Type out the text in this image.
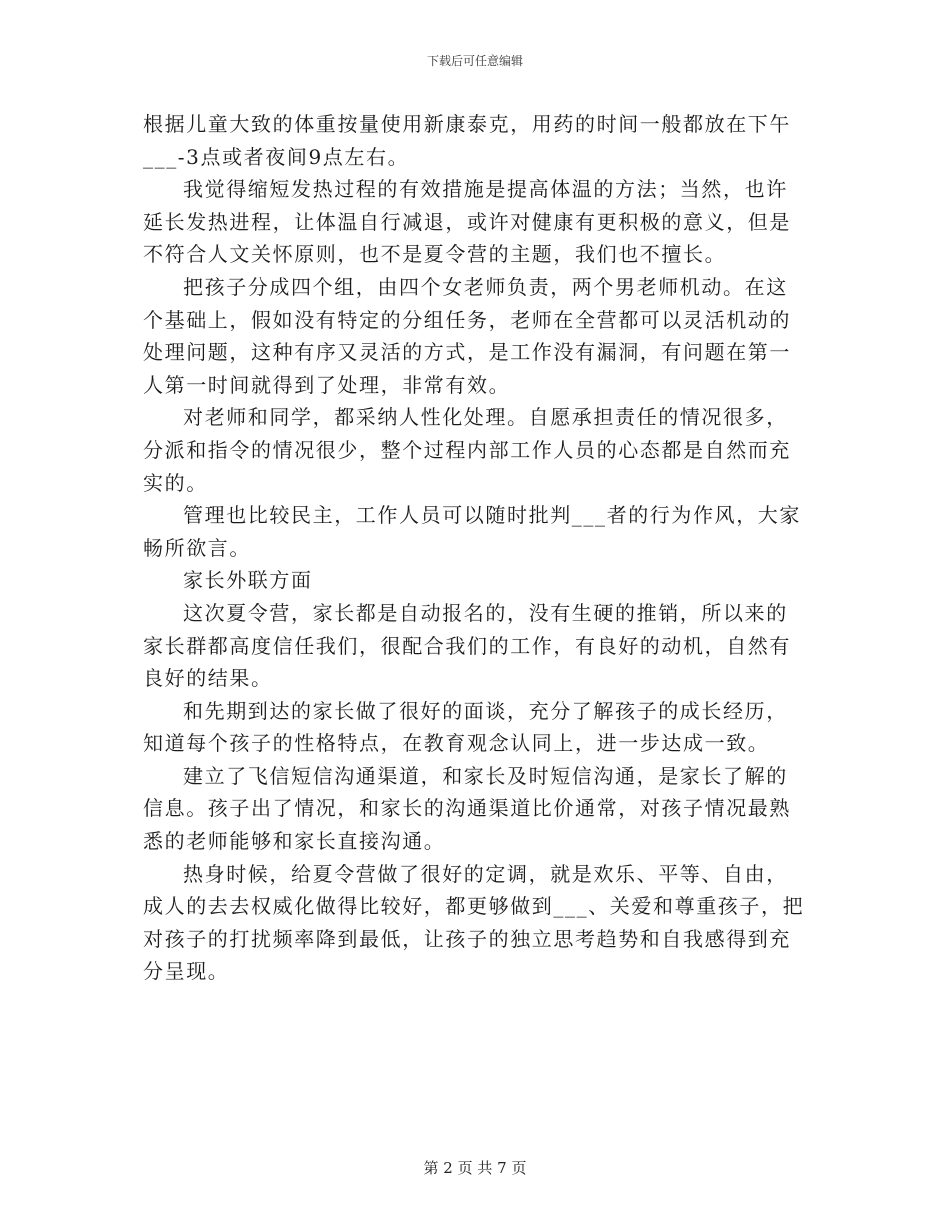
下载后可任意编辑

根据儿童大致的体重按量使用新康泰克，用药的时间一般都放在下午___-3点或者夜间9点左右。

我觉得缩短发热过程的有效措施是提高体温的方法；当然，也许延长发热进程，让体温自行减退，或许对健康有更积极的意义，但是不符合人文关怀原则，也不是夏令营的主题，我们也不擅长。

把孩子分成四个组，由四个女老师负责，两个男老师机动。在这个基础上，假如没有特定的分组任务，老师在全营都可以灵活机动的处理问题，这种有序又灵活的方式，是工作没有漏洞，有问题在第一人第一时间就得到了处理，非常有效。

对老师和同学，都采纳人性化处理。自愿承担责任的情况很多，分派和指令的情况很少，整个过程内部工作人员的心态都是自然而充实的。

管理也比较民主，工作人员可以随时批判___者的行为作风，大家畅所欲言。

家长外联方面

这次夏令营，家长都是自动报名的，没有生硬的推销，所以来的家长群都高度信任我们，很配合我们的工作，有良好的动机，自然有良好的结果。

和先期到达的家长做了很好的面谈，充分了解孩子的成长经历，知道每个孩子的性格特点，在教育观念认同上，进一步达成一致。

建立了飞信短信沟通渠道，和家长及时短信沟通，是家长了解的信息。孩子出了情况，和家长的沟通渠道比价通常，对孩子情况最熟悉的老师能够和家长直接沟通。

热身时候，给夏令营做了很好的定调，就是欢乐、平等、自由，成人的去去权威化做得比较好，都更够做到___、关爱和尊重孩子，把对孩子的打扰频率降到最低，让孩子的独立思考趋势和自我感得到充分呈现。

第 2 页 共 7 页
